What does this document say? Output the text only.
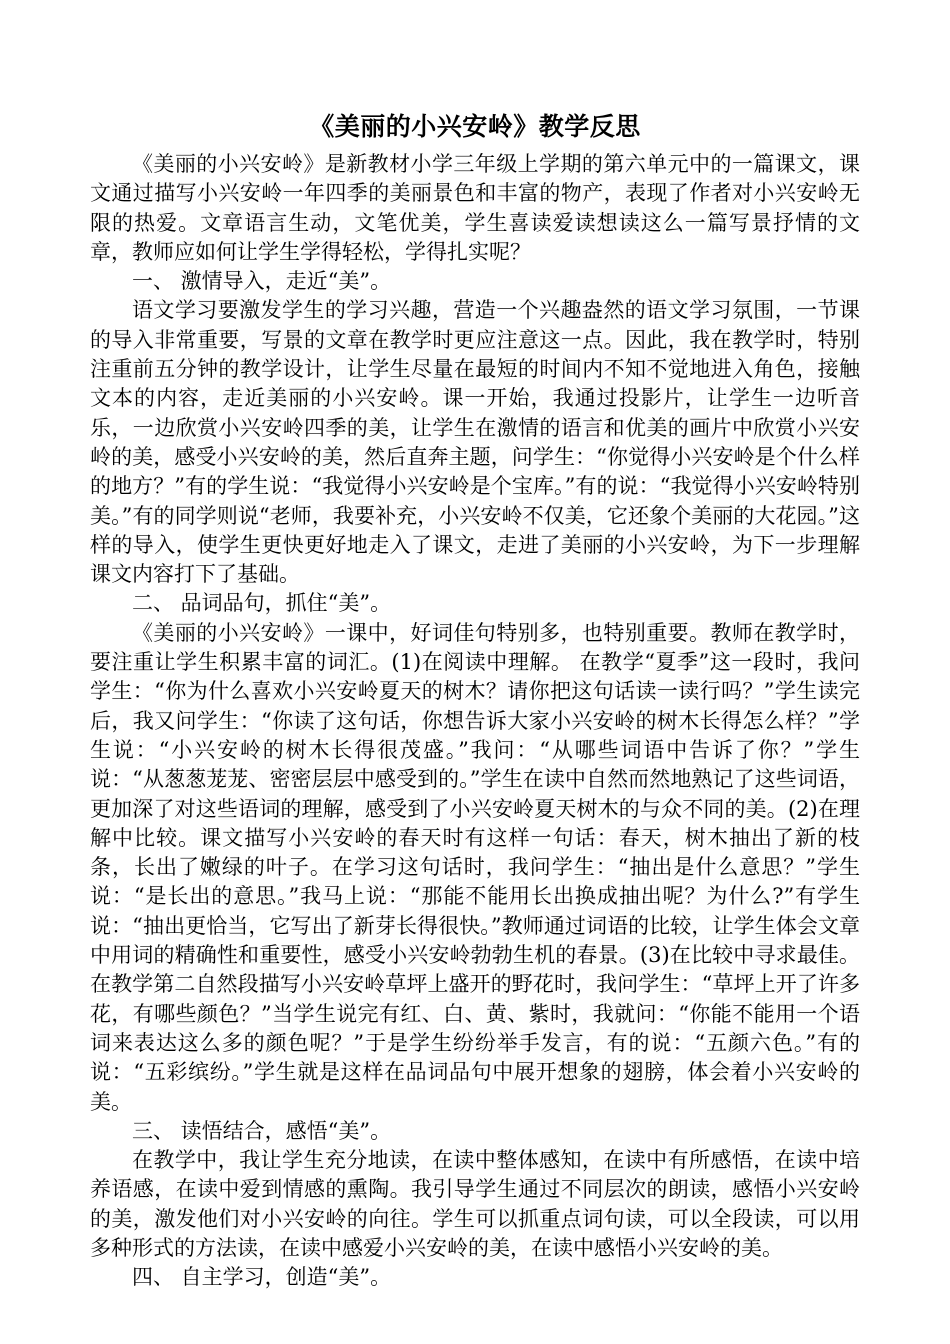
《美丽的小兴安岭》教学反思

《美丽的小兴安岭》是新教材小学三年级上学期的第六单元中的一篇课文，课文通过描写小兴安岭一年四季的美丽景色和丰富的物产，表现了作者对小兴安岭无限的热爱。文章语言生动，文笔优美，学生喜读爱读想读这么一篇写景抒情的文章，教师应如何让学生学得轻松，学得扎实呢？

一、 激情导入，走近“美”。

语文学习要激发学生的学习兴趣，营造一个兴趣盎然的语文学习氛围，一节课的导入非常重要，写景的文章在教学时更应注意这一点。因此，我在教学时，特别注重前五分钟的教学设计，让学生尽量在最短的时间内不知不觉地进入角色，接触文本的内容，走近美丽的小兴安岭。课一开始，我通过投影片，让学生一边听音乐，一边欣赏小兴安岭四季的美，让学生在激情的语言和优美的画片中欣赏小兴安岭的美，感受小兴安岭的美，然后直奔主题，问学生：“你觉得小兴安岭是个什么样的地方？”有的学生说：“我觉得小兴安岭是个宝库。”有的说：“我觉得小兴安岭特别美。”有的同学则说“老师，我要补充，小兴安岭不仅美，它还象个美丽的大花园。”这样的导入，使学生更快更好地走入了课文，走进了美丽的小兴安岭，为下一步理解课文内容打下了基础。

二、 品词品句，抓住“美”。

《美丽的小兴安岭》一课中，好词佳句特别多，也特别重要。教师在教学时，要注重让学生积累丰富的词汇。(1)在阅读中理解。 在教学“夏季”这一段时，我问学生：“你为什么喜欢小兴安岭夏天的树木？请你把这句话读一读行吗？”学生读完后，我又问学生：“你读了这句话，你想告诉大家小兴安岭的树木长得怎么样？”学生说：“小兴安岭的树木长得很茂盛。”我问：“从哪些词语中告诉了你？”学生说：“从葱葱茏茏、密密层层中感受到的。”学生在读中自然而然地熟记了这些词语，更加深了对这些语词的理解，感受到了小兴安岭夏天树木的与众不同的美。(2)在理解中比较。课文描写小兴安岭的春天时有这样一句话：春天，树木抽出了新的枝条，长出了嫩绿的叶子。在学习这句话时，我问学生：“抽出是什么意思？”学生说：“是长出的意思。”我马上说：“那能不能用长出换成抽出呢？为什么?”有学生说：“抽出更恰当，它写出了新芽长得很快。”教师通过词语的比较，让学生体会文章中用词的精确性和重要性，感受小兴安岭勃勃生机的春景。(3)在比较中寻求最佳。 在教学第二自然段描写小兴安岭草坪上盛开的野花时，我问学生：“草坪上开了许多花，有哪些颜色？”当学生说完有红、白、黄、紫时，我就问：“你能不能用一个语词来表达这么多的颜色呢？”于是学生纷纷举手发言，有的说：“五颜六色。”有的说：“五彩缤纷。”学生就是这样在品词品句中展开想象的翅膀，体会着小兴安岭的美。

三、 读悟结合，感悟“美”。

在教学中，我让学生充分地读，在读中整体感知，在读中有所感悟，在读中培养语感，在读中爱到情感的熏陶。我引导学生通过不同层次的朗读，感悟小兴安岭的美，激发他们对小兴安岭的向往。学生可以抓重点词句读，可以全段读，可以用多种形式的方法读，在读中感爱小兴安岭的美，在读中感悟小兴安岭的美。

四、 自主学习，创造“美”。
